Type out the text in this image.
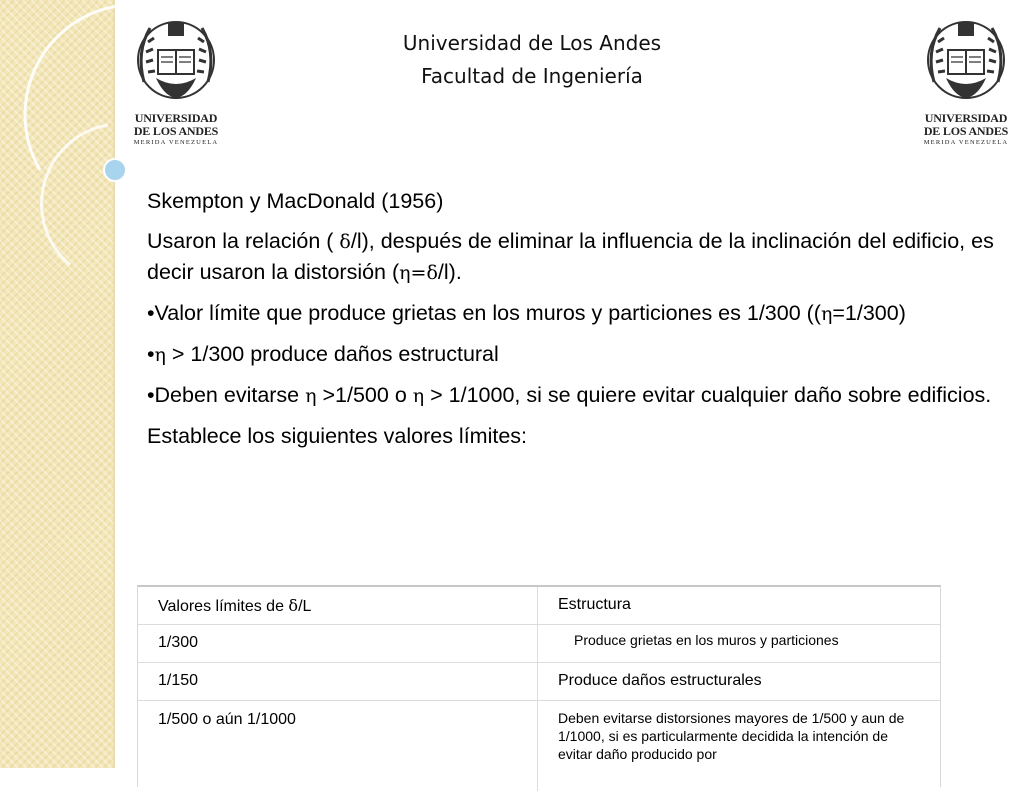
UNIVERSIDAD
DE LOS ANDES
MERIDA VENEZUELA
UNIVERSIDAD
DE LOS ANDES
MERIDA VENEZUELA
Universidad de Los Andes
Facultad de Ingeniería

Skempton y MacDonald (1956)

Usaron la relación ( δ/l), después de eliminar la influencia de la inclinación del edificio, es decir usaron la distorsión (η=δ/l).

•Valor límite que produce grietas en los muros y particiones es 1/300 ((η=1/300)

•η > 1/300 produce daños estructural

•Deben evitarse η >1/500 o η > 1/1000, si se quiere evitar cualquier daño sobre edificios.

Establece los siguientes valores límites:

Valores límites de δ/L	Estructura
1/300	Produce grietas en los muros y particiones
1/150	Produce daños estructurales
1/500 o aún 1/1000	Deben evitarse distorsiones mayores de 1/500 y aun de 1/1000, si es particularmente decidida la intención de evitar daño producido por
